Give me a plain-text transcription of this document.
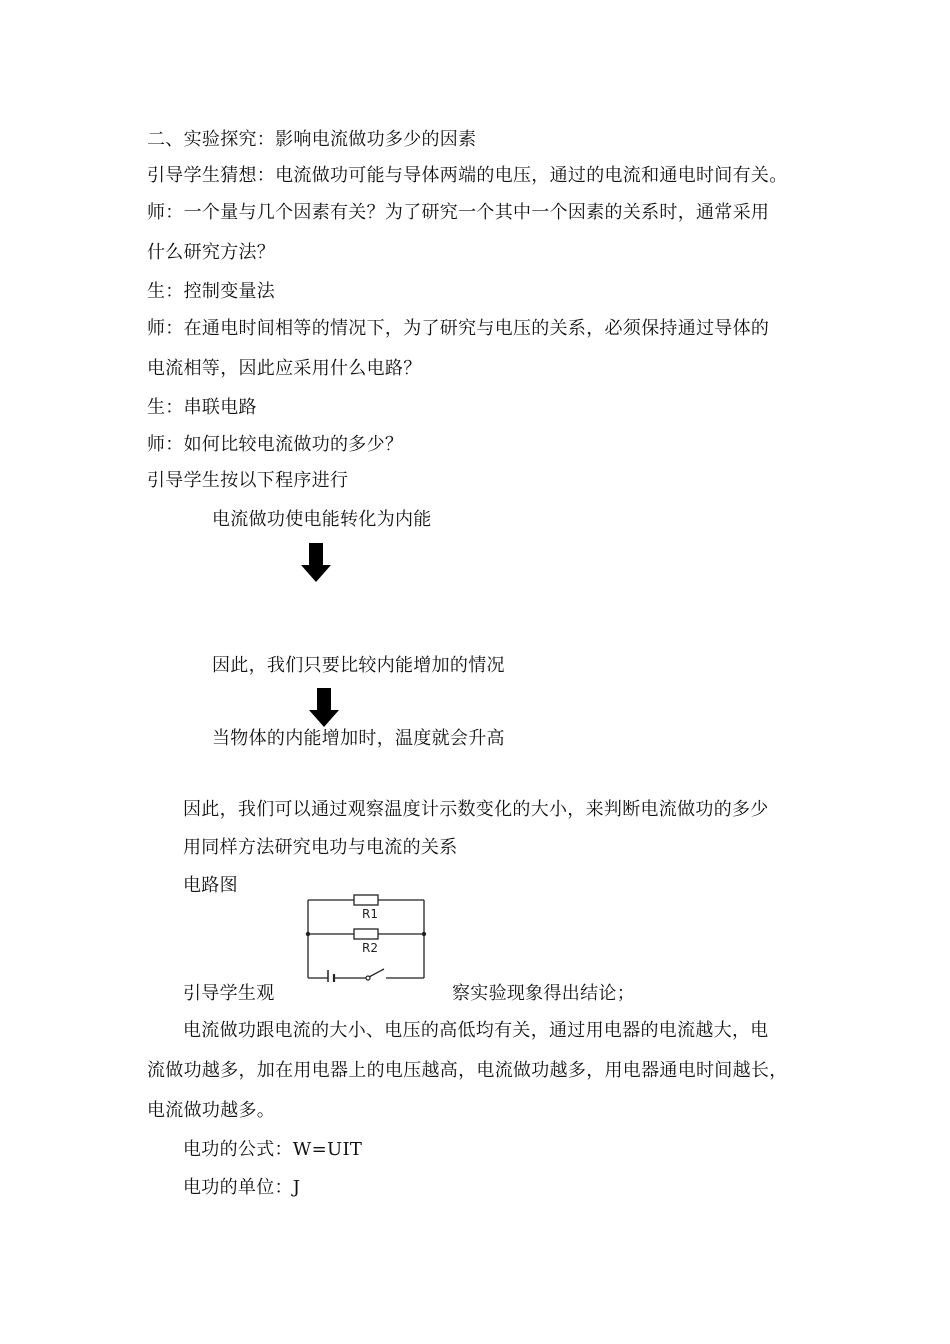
二、实验探究：影响电流做功多少的因素
引导学生猜想：电流做功可能与导体两端的电压，通过的电流和通电时间有关。
师：一个量与几个因素有关？为了研究一个其中一个因素的关系时，通常采用
什么研究方法？
生：控制变量法
师：在通电时间相等的情况下，为了研究与电压的关系，必须保持通过导体的
电流相等，因此应采用什么电路？
生：串联电路
师：如何比较电流做功的多少？
引导学生按以下程序进行
电流做功使电能转化为内能
因此，我们只要比较内能增加的情况
当物体的内能增加时，温度就会升高
因此，我们可以通过观察温度计示数变化的大小，来判断电流做功的多少
用同样方法研究电功与电流的关系
电路图
R1
R2
引导学生观	察实验现象得出结论；
电流做功跟电流的大小、电压的高低均有关，通过用电器的电流越大，电
流做功越多，加在用电器上的电压越高，电流做功越多，用电器通电时间越长，
电流做功越多。
电功的公式：W=UIT
电功的单位：J
